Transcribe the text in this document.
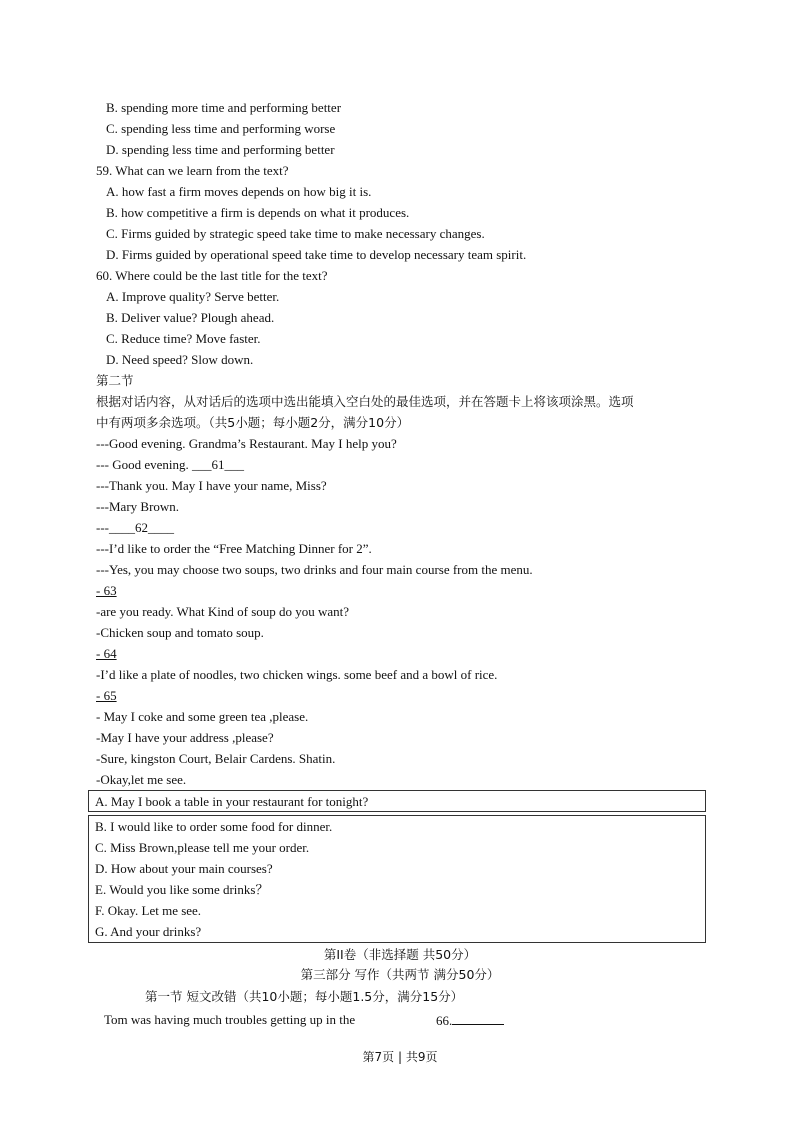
B. spending more time and performing better
C. spending less time and performing worse
D. spending less time and performing better
59. What can we learn from the text?
A. how fast a firm moves depends on how big it is.
B. how competitive a firm is depends on what it produces.
C. Firms guided by strategic speed take time to make necessary changes.
D. Firms guided by operational speed take time to develop necessary team spirit.
60. Where could be the last title for the text?
A. Improve quality? Serve better.
B. Deliver value? Plough ahead.
C. Reduce time? Move faster.
D. Need speed? Slow down.
第二节
根据对话内容，从对话后的选项中选出能填入空白处的最佳选项，并在答题卡上将该项涂黑。选项
中有两项多余选项。（共5小题；每小题2分，满分10分）
---Good evening. Grandma’s Restaurant. May I help you?
--- Good evening. ___61___
---Thank you. May I have your name, Miss?
---Mary Brown.
---____62____
---I’d like to order the “Free Matching Dinner for 2”.
---Yes, you may choose two soups, two drinks and four main course from the menu.
- 63
-are you ready. What Kind of soup do you want?
-Chicken soup and tomato soup.
- 64
-I’d like a plate of noodles, two chicken wings. some beef and a bowl of rice.
- 65
- May I coke and some green tea ,please.
-May I have your address ,please?
-Sure, kingston Court, Belair Cardens. Shatin.
-Okay,let me see.
A. May I book a table in your restaurant for tonight?
B. I would like to order some food for dinner.
C. Miss Brown,please tell me your order.
D. How about your main courses?
E. Would you like some drinks？
F. Okay. Let me see.
G. And your drinks?
第II卷（非选择题 共50分）
第三部分 写作（共两节 满分50分）
第一节 短文改错（共10小题；每小题1.5分，满分15分）
Tom was having much troubles getting up in the	66.
第7页 | 共9页
